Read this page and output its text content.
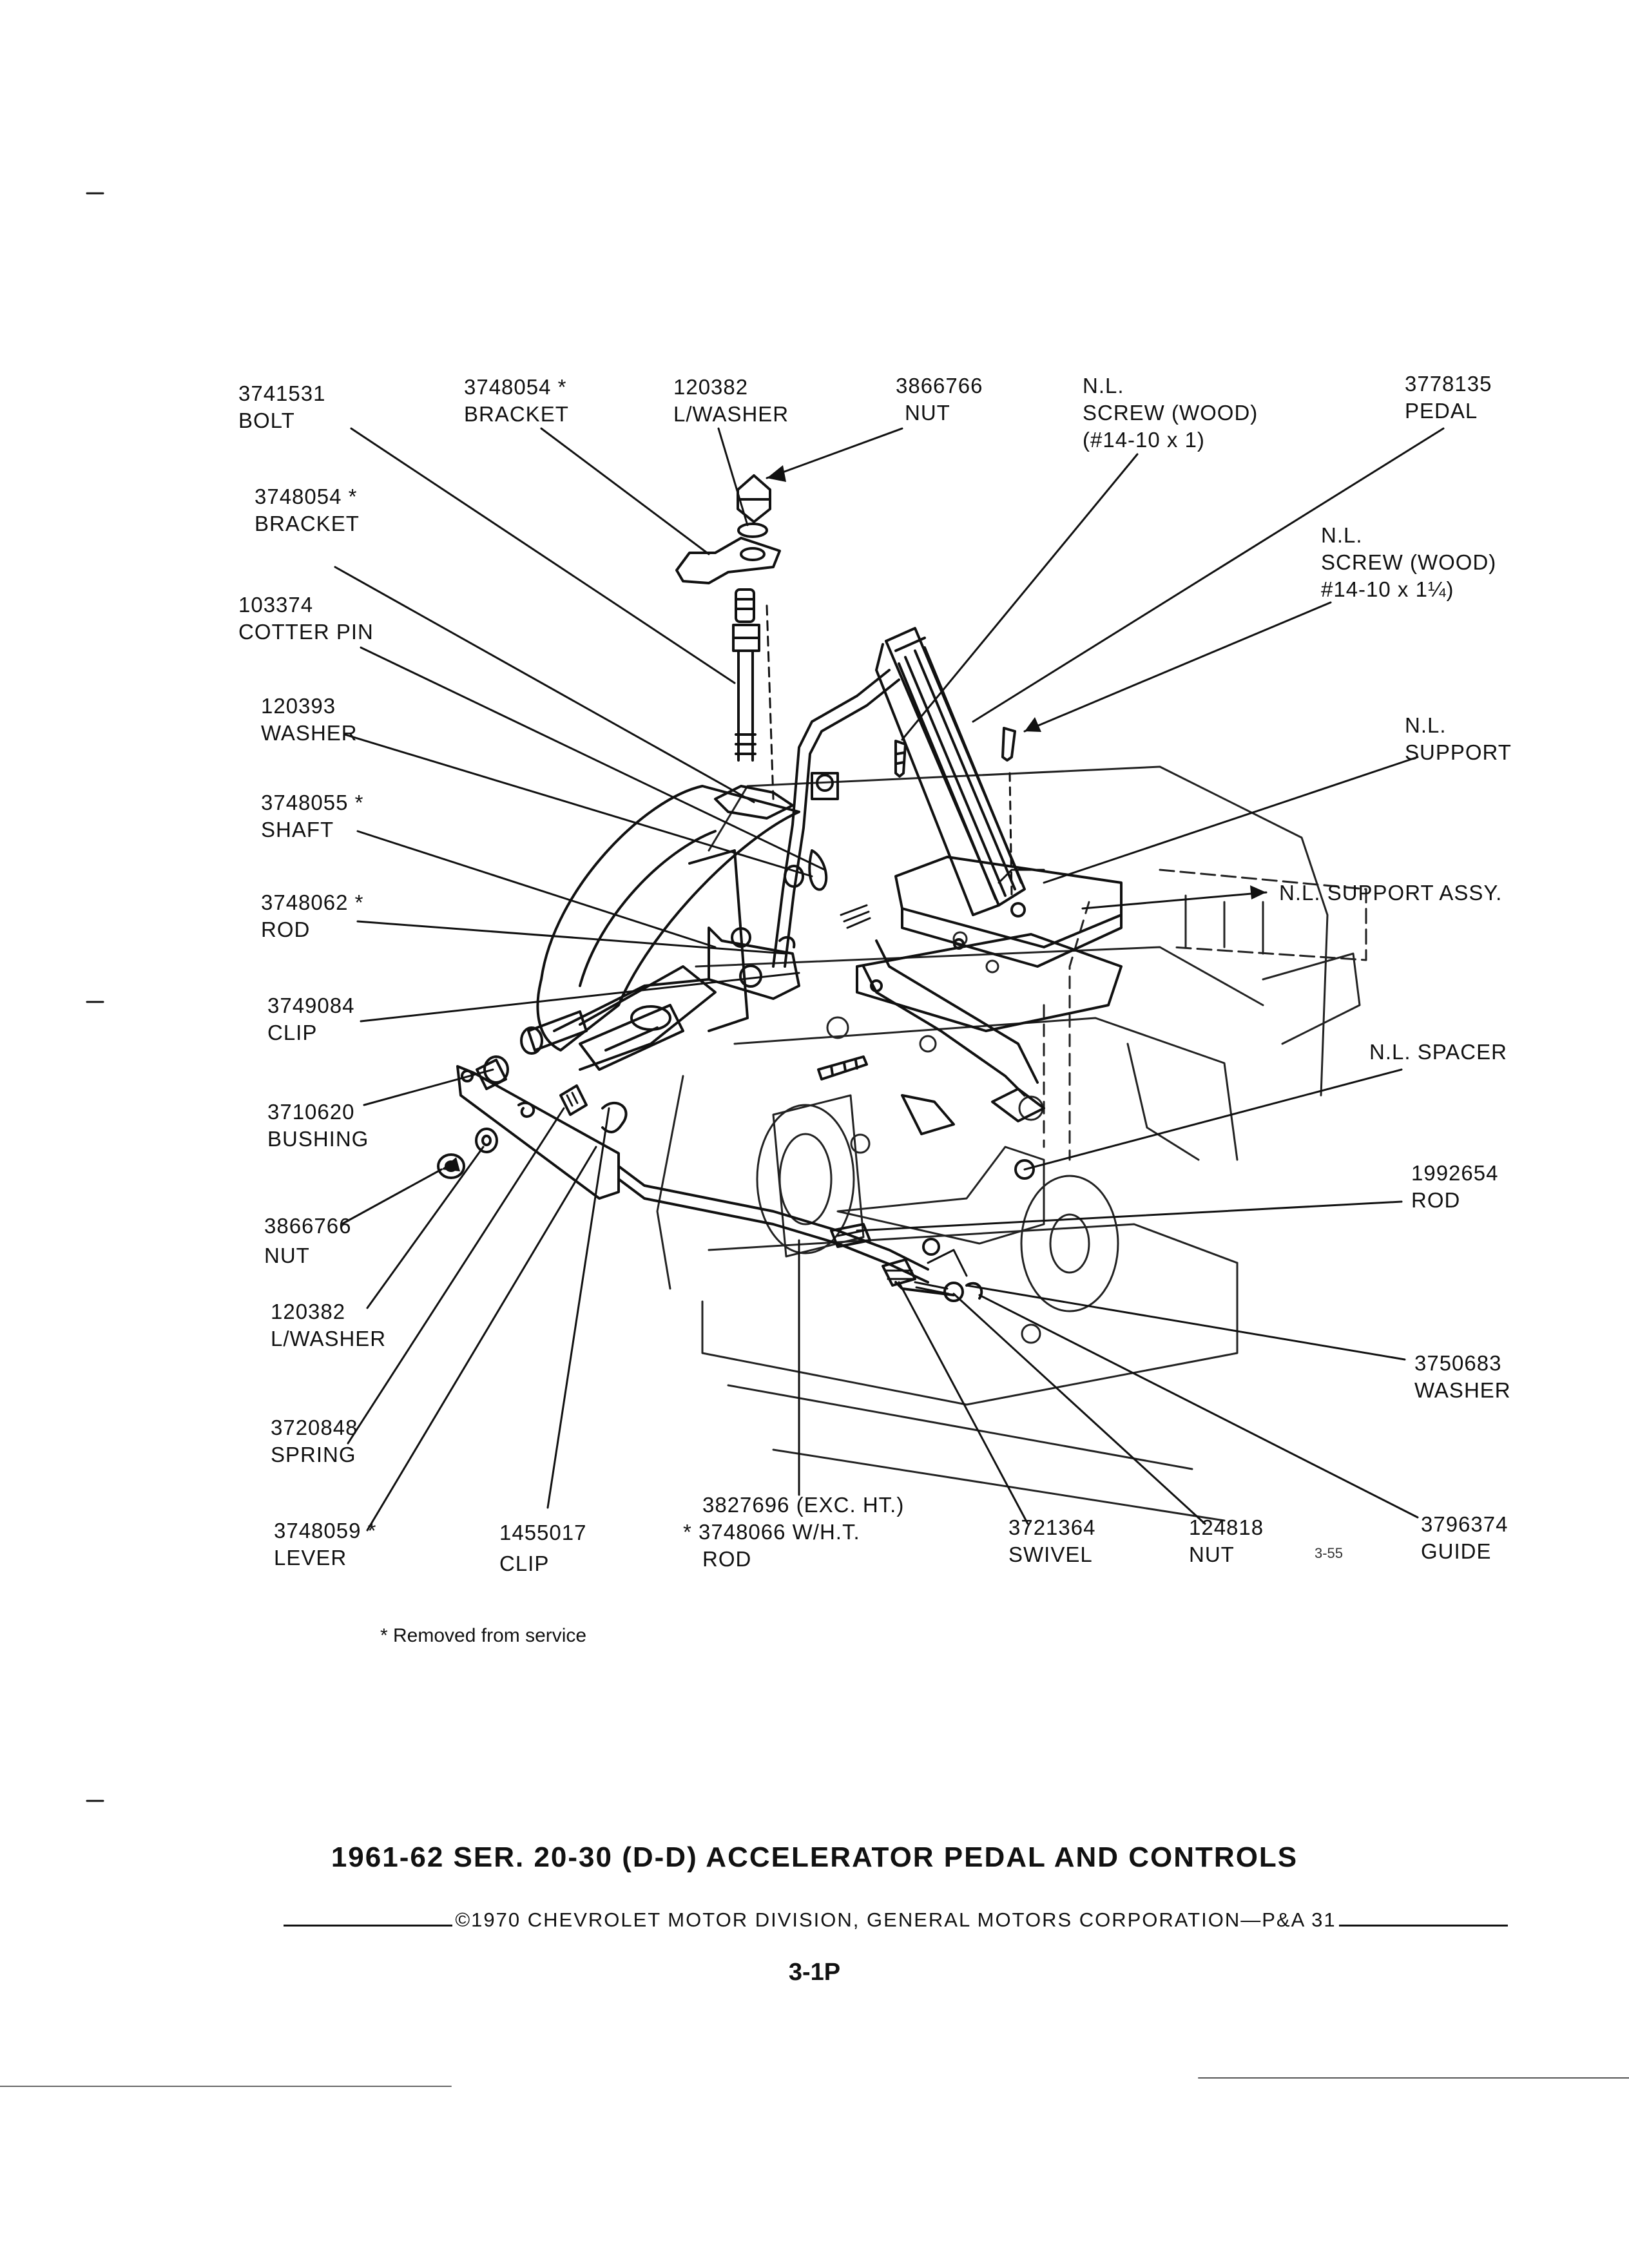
3741531
BOLT
3748054 *
BRACKET
120382
L/WASHER
3866766
NUT
N.L.
SCREW (WOOD)
(#14-10 x 1)
3778135
PEDAL
3748054 *
BRACKET	N.L.
SCREW (WOOD)
#14-10 x 1¼)
103374
COTTER PIN
120393
WASHER	N.L.
SUPPORT
3748055 *
SHAFT
N.L. SUPPORT ASSY.
3748062 *
ROD
3749084
CLIP
N.L. SPACER
3710620
BUSHING
1992654
ROD
3866766
NUT
120382
L/WASHER
3750683
WASHER
3720848
SPRING
3748059 *
LEVER
1455017
CLIP
3827696 (EXC. HT.)
* 3748066 W/H.T.
ROD
3721364
SWIVEL
124818
NUT
3796374
GUIDE
3-55
* Removed from service
1961-62 SER. 20-30 (D-D) ACCELERATOR PEDAL AND CONTROLS
©1970 CHEVROLET MOTOR DIVISION, GENERAL MOTORS CORPORATION—P&A 31
3-1P
